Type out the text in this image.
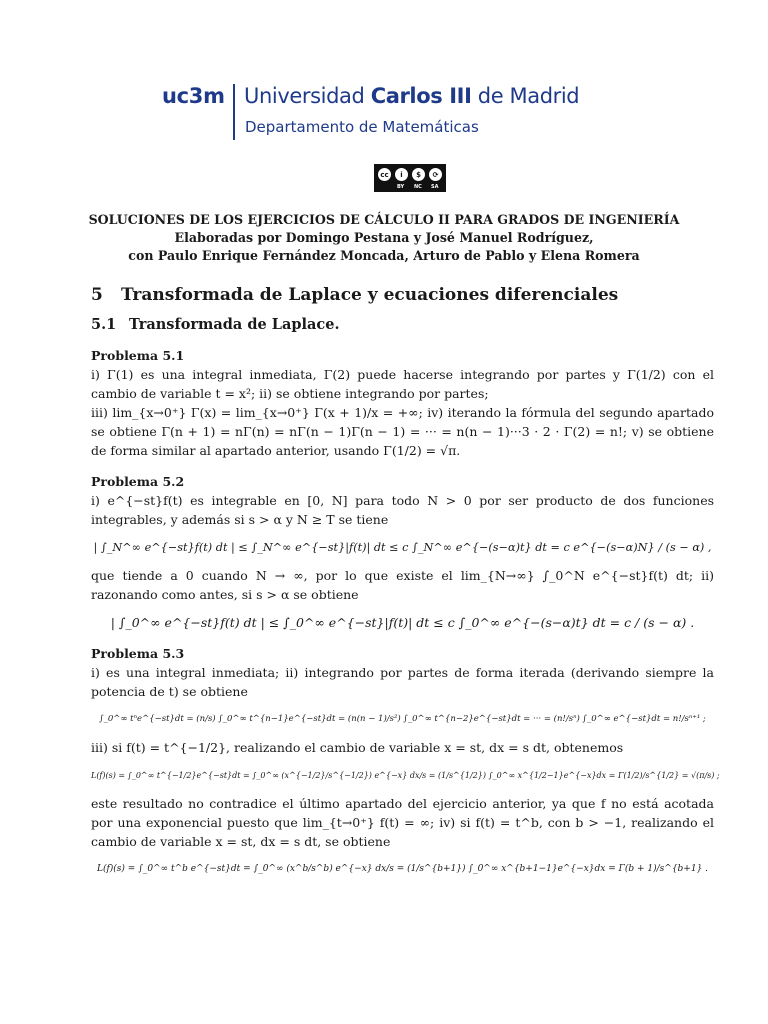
uc3m Universidad Carlos III de Madrid
Departamento de Matemáticas
cc	i	$	⟳
BY NC SA
SOLUCIONES DE LOS EJERCICIOS DE CÁLCULO II PARA GRADOS DE INGENIERÍA
Elaboradas por Domingo Pestana y José Manuel Rodríguez,
con Paulo Enrique Fernández Moncada, Arturo de Pablo y Elena Romera
5 Transformada de Laplace y ecuaciones diferenciales
5.1 Transformada de Laplace.
Problema 5.1

i) Γ(1) es una integral inmediata, Γ(2) puede hacerse integrando por partes y Γ(1/2) con el cambio de variable t = x²; ii) se obtiene integrando por partes;

iii) lim_{x→0⁺} Γ(x) = lim_{x→0⁺} Γ(x + 1)/x = +∞; iv) iterando la fórmula del segundo apartado se obtiene Γ(n + 1) = nΓ(n) = nΓ(n − 1)Γ(n − 1) = ··· = n(n − 1)···3 · 2 · Γ(2) = n!; v) se obtiene de forma similar al apartado anterior, usando Γ(1/2) = √π.

Problema 5.2

i) e^{−st}f(t) es integrable en [0, N] para todo N > 0 por ser producto de dos funciones integrables, y además si s > α y N ≥ T se tiene

| ∫_N^∞ e^{−st}f(t) dt | ≤ ∫_N^∞ e^{−st}|f(t)| dt ≤ c ∫_N^∞ e^{−(s−α)t} dt = c e^{−(s−α)N} / (s − α) ,

que tiende a 0 cuando N → ∞, por lo que existe el lim_{N→∞} ∫_0^N e^{−st}f(t) dt; ii) razonando como antes, si s > α se obtiene

| ∫_0^∞ e^{−st}f(t) dt | ≤ ∫_0^∞ e^{−st}|f(t)| dt ≤ c ∫_0^∞ e^{−(s−α)t} dt = c / (s − α) .
Problema 5.3

i) es una integral inmediata; ii) integrando por partes de forma iterada (derivando siempre la potencia de t) se obtiene

∫_0^∞ tⁿe^{−st}dt = (n/s) ∫_0^∞ t^{n−1}e^{−st}dt = (n(n − 1)/s²) ∫_0^∞ t^{n−2}e^{−st}dt = ··· = (n!/sⁿ) ∫_0^∞ e^{−st}dt = n!/sⁿ⁺¹ ;

iii) si f(t) = t^{−1/2}, realizando el cambio de variable x = st, dx = s dt, obtenemos

L(f)(s) = ∫_0^∞ t^{−1/2}e^{−st}dt = ∫_0^∞ (x^{−1/2}/s^{−1/2}) e^{−x} dx/s = (1/s^{1/2}) ∫_0^∞ x^{1/2−1}e^{−x}dx = Γ(1/2)/s^{1/2} = √(π/s) ;

este resultado no contradice el último apartado del ejercicio anterior, ya que f no está acotada por una exponencial puesto que lim_{t→0⁺} f(t) = ∞; iv) si f(t) = t^b, con b > −1, realizando el cambio de variable x = st, dx = s dt, se obtiene

L(f)(s) = ∫_0^∞ t^b e^{−st}dt = ∫_0^∞ (x^b/s^b) e^{−x} dx/s = (1/s^{b+1}) ∫_0^∞ x^{b+1−1}e^{−x}dx = Γ(b + 1)/s^{b+1} .
